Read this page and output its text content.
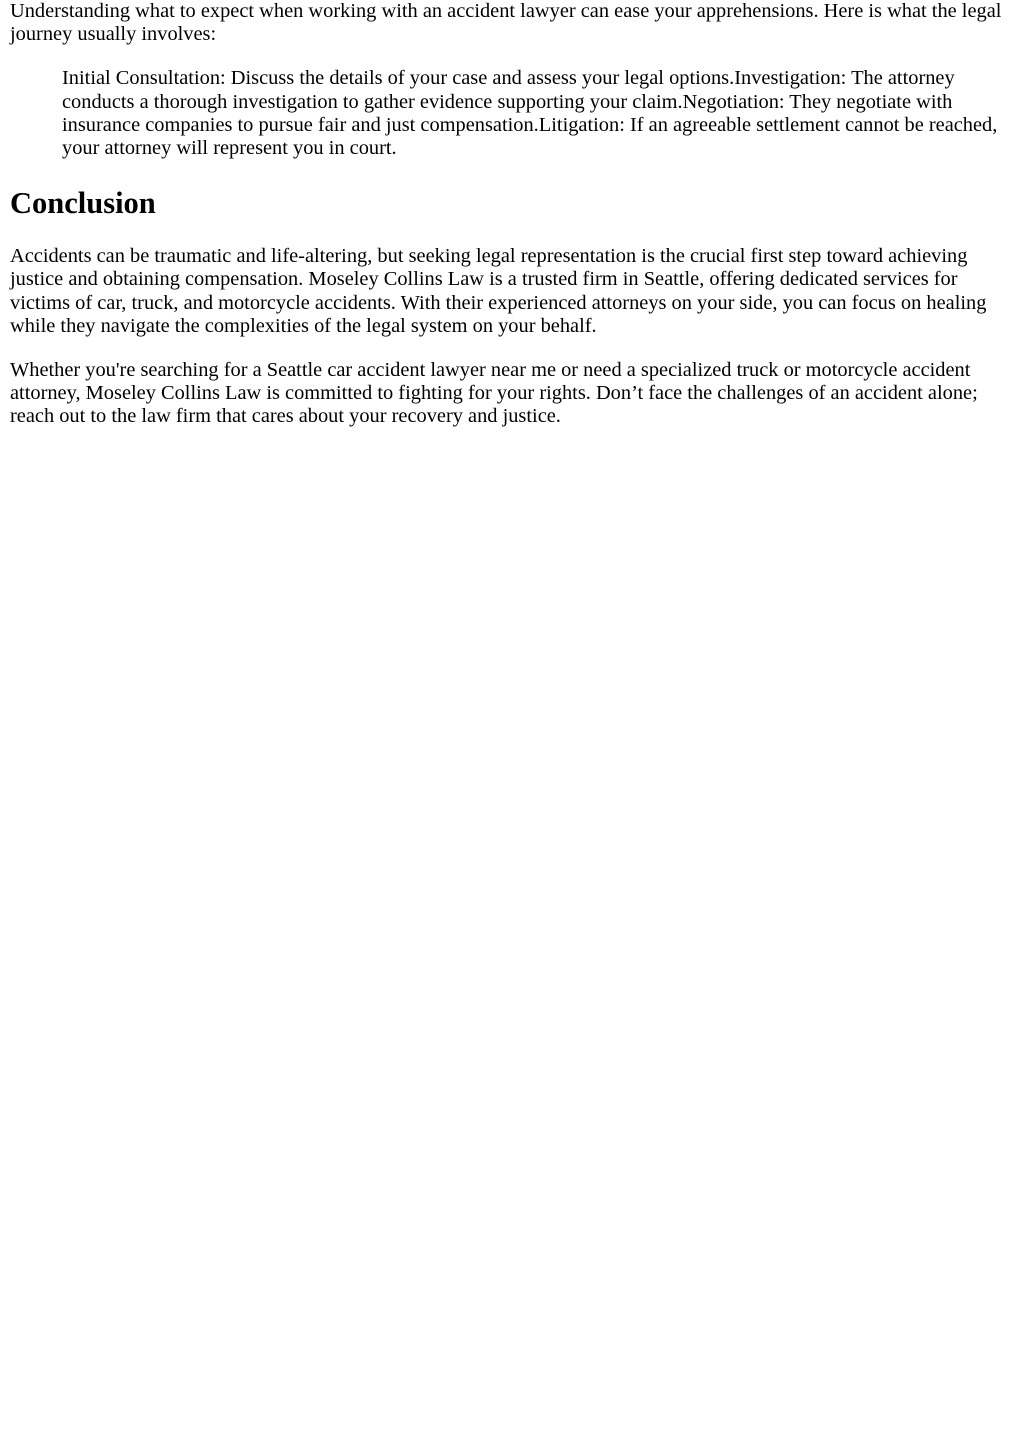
Understanding what to expect when working with an accident lawyer can ease your apprehensions. Here is what the legal journey usually involves:

Initial Consultation: Discuss the details of your case and assess your legal options.Investigation: The attorney conducts a thorough investigation to gather evidence supporting your claim.Negotiation: They negotiate with insurance companies to pursue fair and just compensation.Litigation: If an agreeable settlement cannot be reached, your attorney will represent you in court.

Conclusion

Accidents can be traumatic and life-altering, but seeking legal representation is the crucial first step toward achieving justice and obtaining compensation. Moseley Collins Law is a trusted firm in Seattle, offering dedicated services for victims of car, truck, and motorcycle accidents. With their experienced attorneys on your side, you can focus on healing while they navigate the complexities of the legal system on your behalf.

Whether you're searching for a Seattle car accident lawyer near me or need a specialized truck or motorcycle accident attorney, Moseley Collins Law is committed to fighting for your rights. Don’t face the challenges of an accident alone; reach out to the law firm that cares about your recovery and justice.
